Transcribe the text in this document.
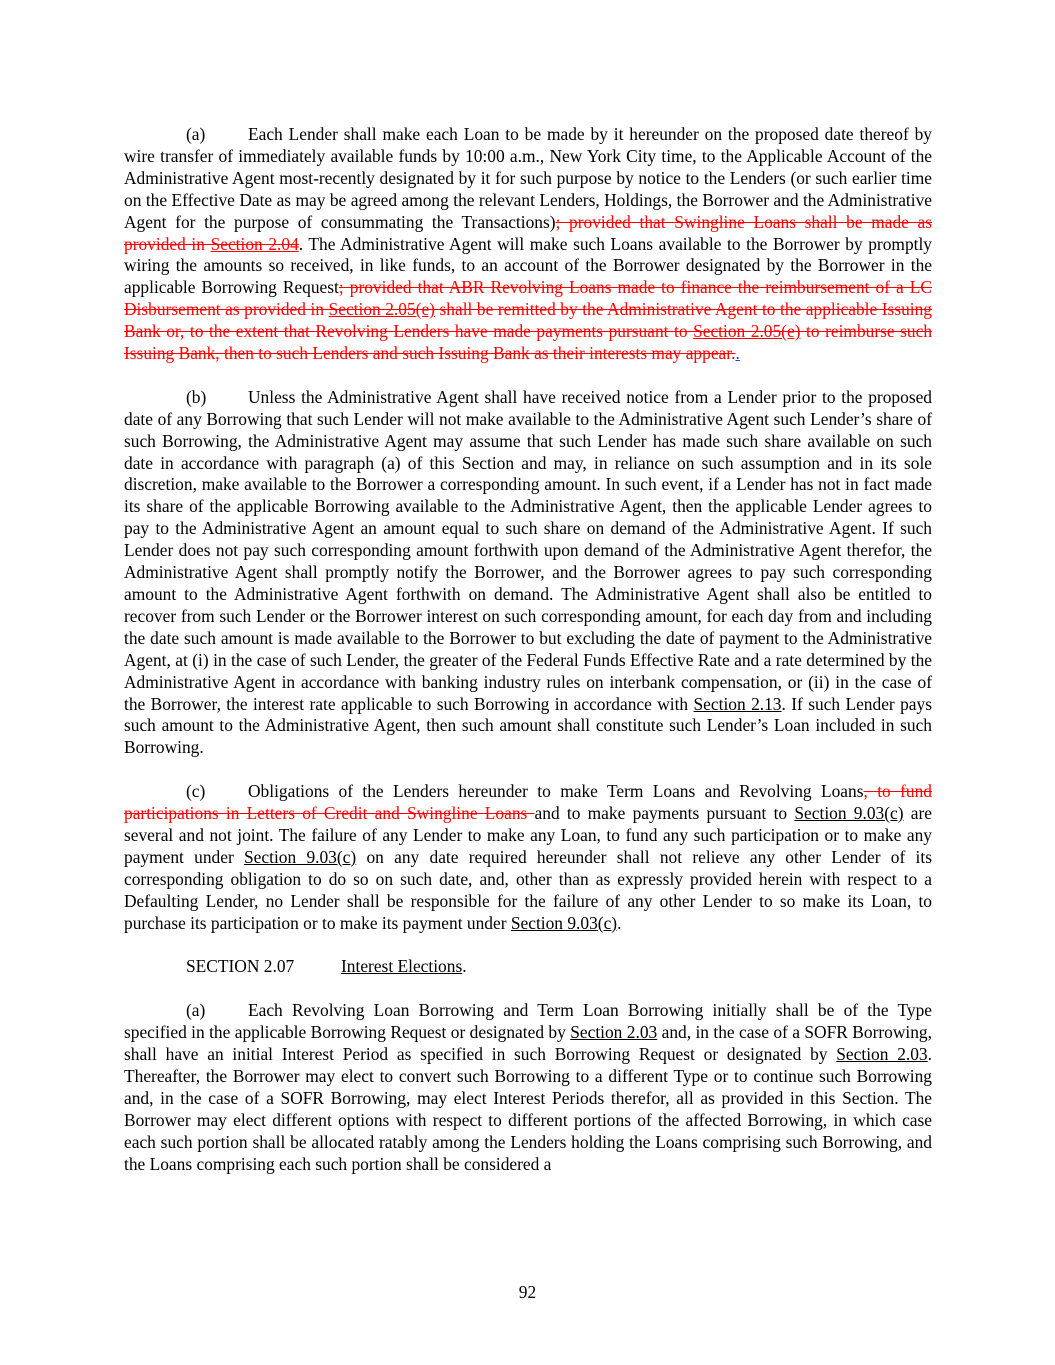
(a) Each Lender shall make each Loan to be made by it hereunder on the proposed date thereof by wire transfer of immediately available funds by 10:00 a.m., New York City time, to the Applicable Account of the Administrative Agent most-recently designated by it for such purpose by notice to the Lenders (or such earlier time on the Effective Date as may be agreed among the relevant Lenders, Holdings, the Borrower and the Administrative Agent for the purpose of consummating the Transactions); provided that Swingline Loans shall be made as provided in Section 2.04. The Administrative Agent will make such Loans available to the Borrower by promptly wiring the amounts so received, in like funds, to an account of the Borrower designated by the Borrower in the applicable Borrowing Request; provided that ABR Revolving Loans made to finance the reimbursement of a LC Disbursement as provided in Section 2.05(e) shall be remitted by the Administrative Agent to the applicable Issuing Bank or, to the extent that Revolving Lenders have made payments pursuant to Section 2.05(e) to reimburse such Issuing Bank, then to such Lenders and such Issuing Bank as their interests may appear..

(b) Unless the Administrative Agent shall have received notice from a Lender prior to the proposed date of any Borrowing that such Lender will not make available to the Administrative Agent such Lender’s share of such Borrowing, the Administrative Agent may assume that such Lender has made such share available on such date in accordance with paragraph (a) of this Section and may, in reliance on such assumption and in its sole discretion, make available to the Borrower a corresponding amount. In such event, if a Lender has not in fact made its share of the applicable Borrowing available to the Administrative Agent, then the applicable Lender agrees to pay to the Administrative Agent an amount equal to such share on demand of the Administrative Agent. If such Lender does not pay such corresponding amount forthwith upon demand of the Administrative Agent therefor, the Administrative Agent shall promptly notify the Borrower, and the Borrower agrees to pay such corresponding amount to the Administrative Agent forthwith on demand. The Administrative Agent shall also be entitled to recover from such Lender or the Borrower interest on such corresponding amount, for each day from and including the date such amount is made available to the Borrower to but excluding the date of payment to the Administrative Agent, at (i) in the case of such Lender, the greater of the Federal Funds Effective Rate and a rate determined by the Administrative Agent in accordance with banking industry rules on interbank compensation, or (ii) in the case of the Borrower, the interest rate applicable to such Borrowing in accordance with Section 2.13. If such Lender pays such amount to the Administrative Agent, then such amount shall constitute such Lender’s Loan included in such Borrowing.

(c) Obligations of the Lenders hereunder to make Term Loans and Revolving Loans, to fund participations in Letters of Credit and Swingline Loans and to make payments pursuant to Section 9.03(c) are several and not joint. The failure of any Lender to make any Loan, to fund any such participation or to make any payment under Section 9.03(c) on any date required hereunder shall not relieve any other Lender of its corresponding obligation to do so on such date, and, other than as expressly provided herein with respect to a Defaulting Lender, no Lender shall be responsible for the failure of any other Lender to so make its Loan, to purchase its participation or to make its payment under Section 9.03(c).

SECTION 2.07	Interest Elections.

(a) Each Revolving Loan Borrowing and Term Loan Borrowing initially shall be of the Type specified in the applicable Borrowing Request or designated by Section 2.03 and, in the case of a SOFR Borrowing, shall have an initial Interest Period as specified in such Borrowing Request or designated by Section 2.03. Thereafter, the Borrower may elect to convert such Borrowing to a different Type or to continue such Borrowing and, in the case of a SOFR Borrowing, may elect Interest Periods therefor, all as provided in this Section. The Borrower may elect different options with respect to different portions of the affected Borrowing, in which case each such portion shall be allocated ratably among the Lenders holding the Loans comprising such Borrowing, and the Loans comprising each such portion shall be considered a

92
